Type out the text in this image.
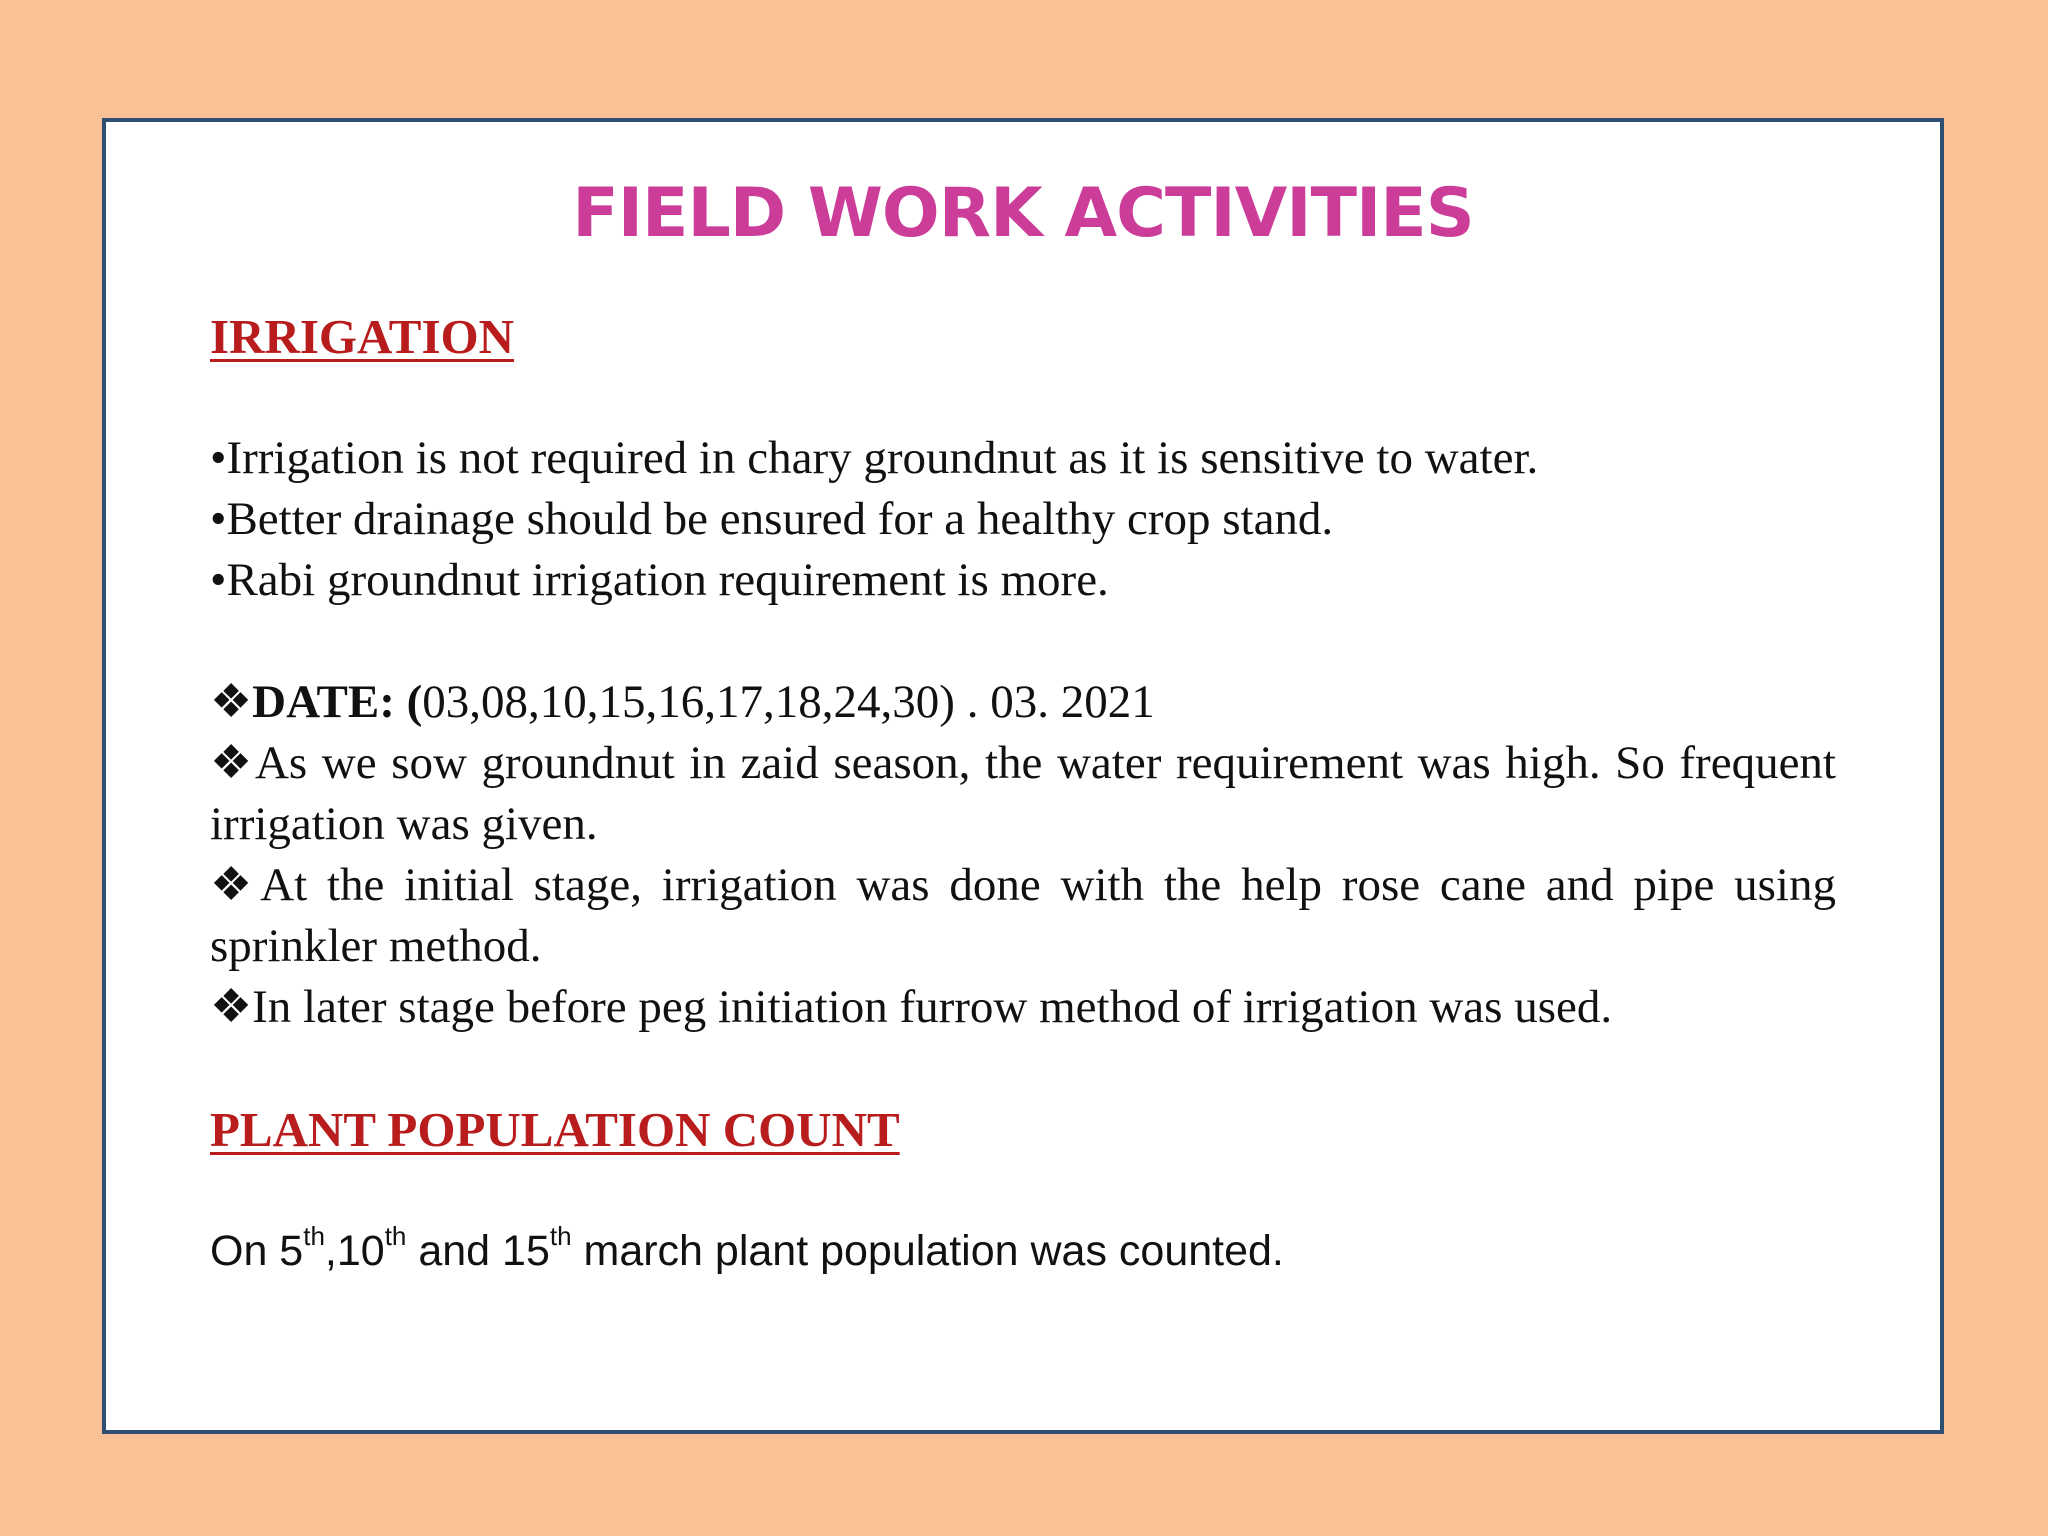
FIELD WORK ACTIVITIES

IRRIGATION

•Irrigation is not required in chary groundnut as it is sensitive to water.

•Better drainage should be ensured for a healthy crop stand.

•Rabi groundnut irrigation requirement is more.

❖DATE: (03,08,10,15,16,17,18,24,30) . 03. 2021

❖As we sow groundnut in zaid season, the water requirement was high. So frequent irrigation was given.

❖At the initial stage, irrigation was done with the help rose cane and pipe using sprinkler method.

❖In later stage before peg initiation furrow method of irrigation was used.

PLANT POPULATION COUNT

On 5th,10th and 15th march plant population was counted.
